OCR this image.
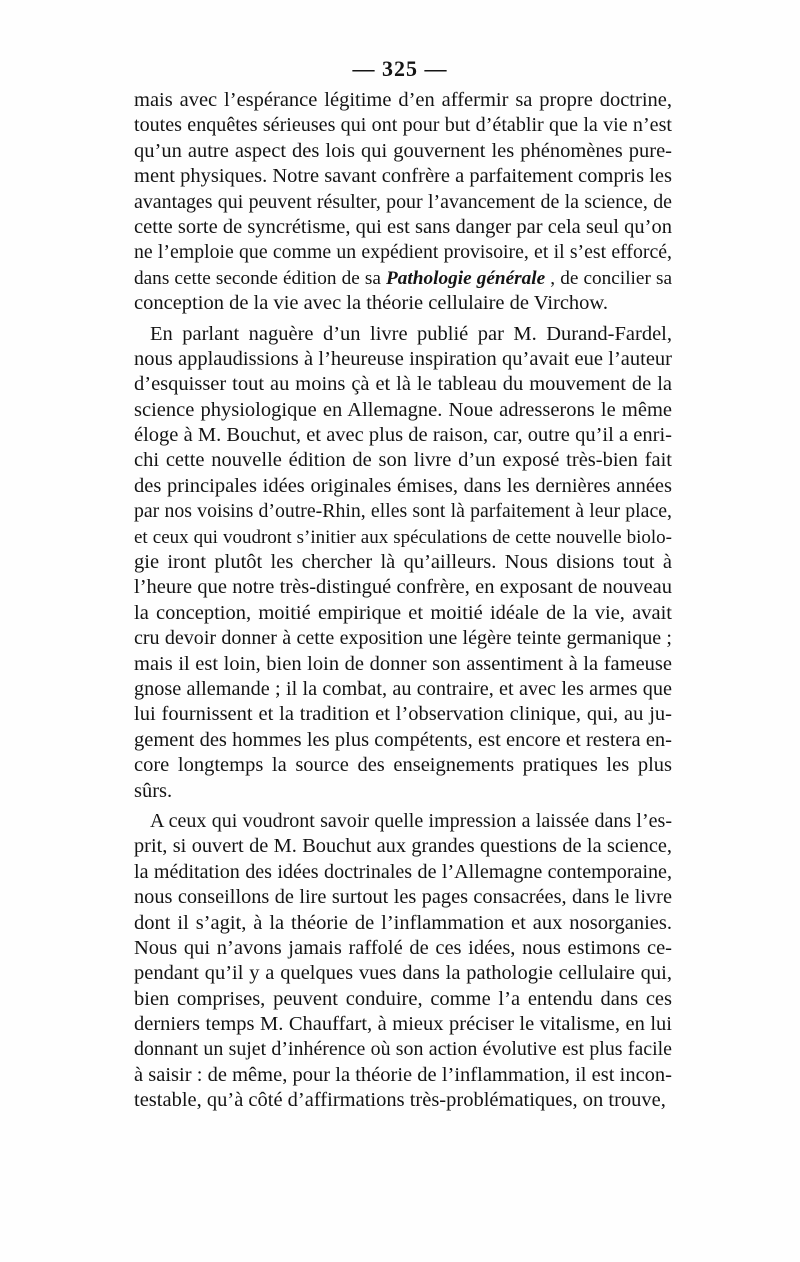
— 325 —
mais avec l’espérance légitime d’en affermir sa propre doctrine,
toutes enquêtes sérieuses qui ont pour but d’établir que la vie n’est
qu’un autre aspect des lois qui gouvernent les phénomènes pure-
ment physiques. Notre savant confrère a parfaitement compris les
avantages qui peuvent résulter, pour l’avancement de la science, de
cette sorte de syncrétisme, qui est sans danger par cela seul qu’on
ne l’emploie que comme un expédient provisoire, et il s’est efforcé,
dans cette seconde édition de sa Pathologie générale , de concilier sa
conception de la vie avec la théorie cellulaire de Virchow.
En parlant naguère d’un livre publié par M. Durand-Fardel,
nous applaudissions à l’heureuse inspiration qu’avait eue l’auteur
d’esquisser tout au moins çà et là le tableau du mouvement de la
science physiologique en Allemagne. Noue adresserons le même
éloge à M. Bouchut, et avec plus de raison, car, outre qu’il a enri-
chi cette nouvelle édition de son livre d’un exposé très-bien fait
des principales idées originales émises, dans les dernières années
par nos voisins d’outre-Rhin, elles sont là parfaitement à leur place,
et ceux qui voudront s’initier aux spéculations de cette nouvelle biolo-
gie iront plutôt les chercher là qu’ailleurs. Nous disions tout à
l’heure que notre très-distingué confrère, en exposant de nouveau
la conception, moitié empirique et moitié idéale de la vie, avait
cru devoir donner à cette exposition une légère teinte germanique ;
mais il est loin, bien loin de donner son assentiment à la fameuse
gnose allemande ; il la combat, au contraire, et avec les armes que
lui fournissent et la tradition et l’observation clinique, qui, au ju-
gement des hommes les plus compétents, est encore et restera en-
core longtemps la source des enseignements pratiques les plus
sûrs.
A ceux qui voudront savoir quelle impression a laissée dans l’es-
prit, si ouvert de M. Bouchut aux grandes questions de la science,
la méditation des idées doctrinales de l’Allemagne contemporaine,
nous conseillons de lire surtout les pages consacrées, dans le livre
dont il s’agit, à la théorie de l’inflammation et aux nosorganies.
Nous qui n’avons jamais raffolé de ces idées, nous estimons ce-
pendant qu’il y a quelques vues dans la pathologie cellulaire qui,
bien comprises, peuvent conduire, comme l’a entendu dans ces
derniers temps M. Chauffart, à mieux préciser le vitalisme, en lui
donnant un sujet d’inhérence où son action évolutive est plus facile
à saisir : de même, pour la théorie de l’inflammation, il est incon-
testable, qu’à côté d’affirmations très-problématiques, on trouve,
